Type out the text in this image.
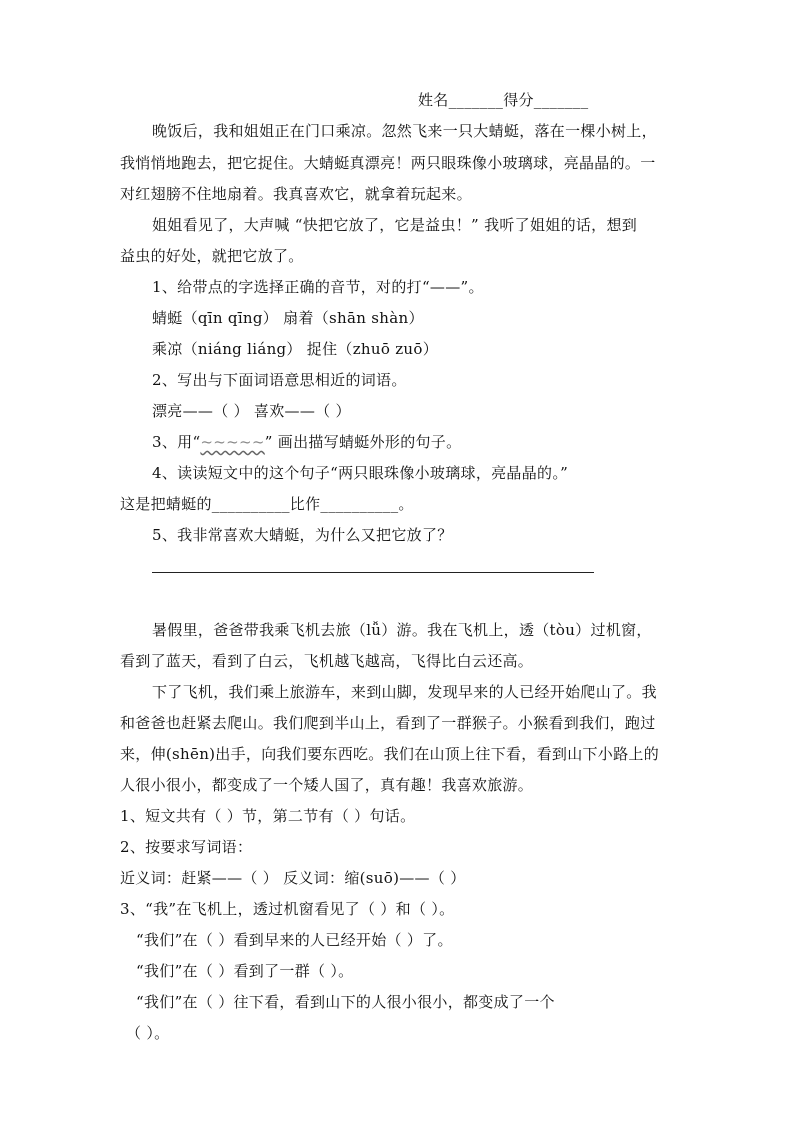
姓名_______得分_______
晚饭后，我和姐姐正在门口乘凉。忽然飞来一只大蜻蜓，落在一棵小树上，
我悄悄地跑去，把它捉住。大蜻蜓真漂亮！两只眼珠像小玻璃球，亮晶晶的。一
对红翅膀不住地扇着。我真喜欢它，就拿着玩起来。
姐姐看见了，大声喊 “快把它放了，它是益虫！” 我听了姐姐的话，想到
益虫的好处，就把它放了。
1、给带点的字选择正确的音节，对的打“——”。
蜻蜓（qīn qīng） 扇着（shān shàn）
乘凉（niáng liáng） 捉住（zhuō zuō）
2、写出与下面词语意思相近的词语。
漂亮——（ ） 喜欢——（ ）
3、用“~~~~~” 画出描写蜻蜓外形的句子。
4、读读短文中的这个句子“两只眼珠像小玻璃球，亮晶晶的。”
这是把蜻蜓的__________比作__________。
5、我非常喜欢大蜻蜓，为什么又把它放了？
暑假里，爸爸带我乘飞机去旅（lǚ）游。我在飞机上，透（tòu）过机窗，
看到了蓝天，看到了白云，飞机越飞越高，飞得比白云还高。
下了飞机，我们乘上旅游车，来到山脚，发现早来的人已经开始爬山了。我
和爸爸也赶紧去爬山。我们爬到半山上，看到了一群猴子。小猴看到我们，跑过
来，伸(shēn)出手，向我们要东西吃。我们在山顶上往下看，看到山下小路上的
人很小很小，都变成了一个矮人国了，真有趣！我喜欢旅游。
1、短文共有（ ）节，第二节有（ ）句话。
2、按要求写词语：
近义词：赶紧——（ ） 反义词：缩(suō)——（ ）
3、“我”在飞机上，透过机窗看见了（ ）和（ ）。
“我们”在（ ）看到早来的人已经开始（ ）了。
“我们”在（ ）看到了一群（ ）。
“我们”在（ ）往下看，看到山下的人很小很小，都变成了一个
（ ）。
